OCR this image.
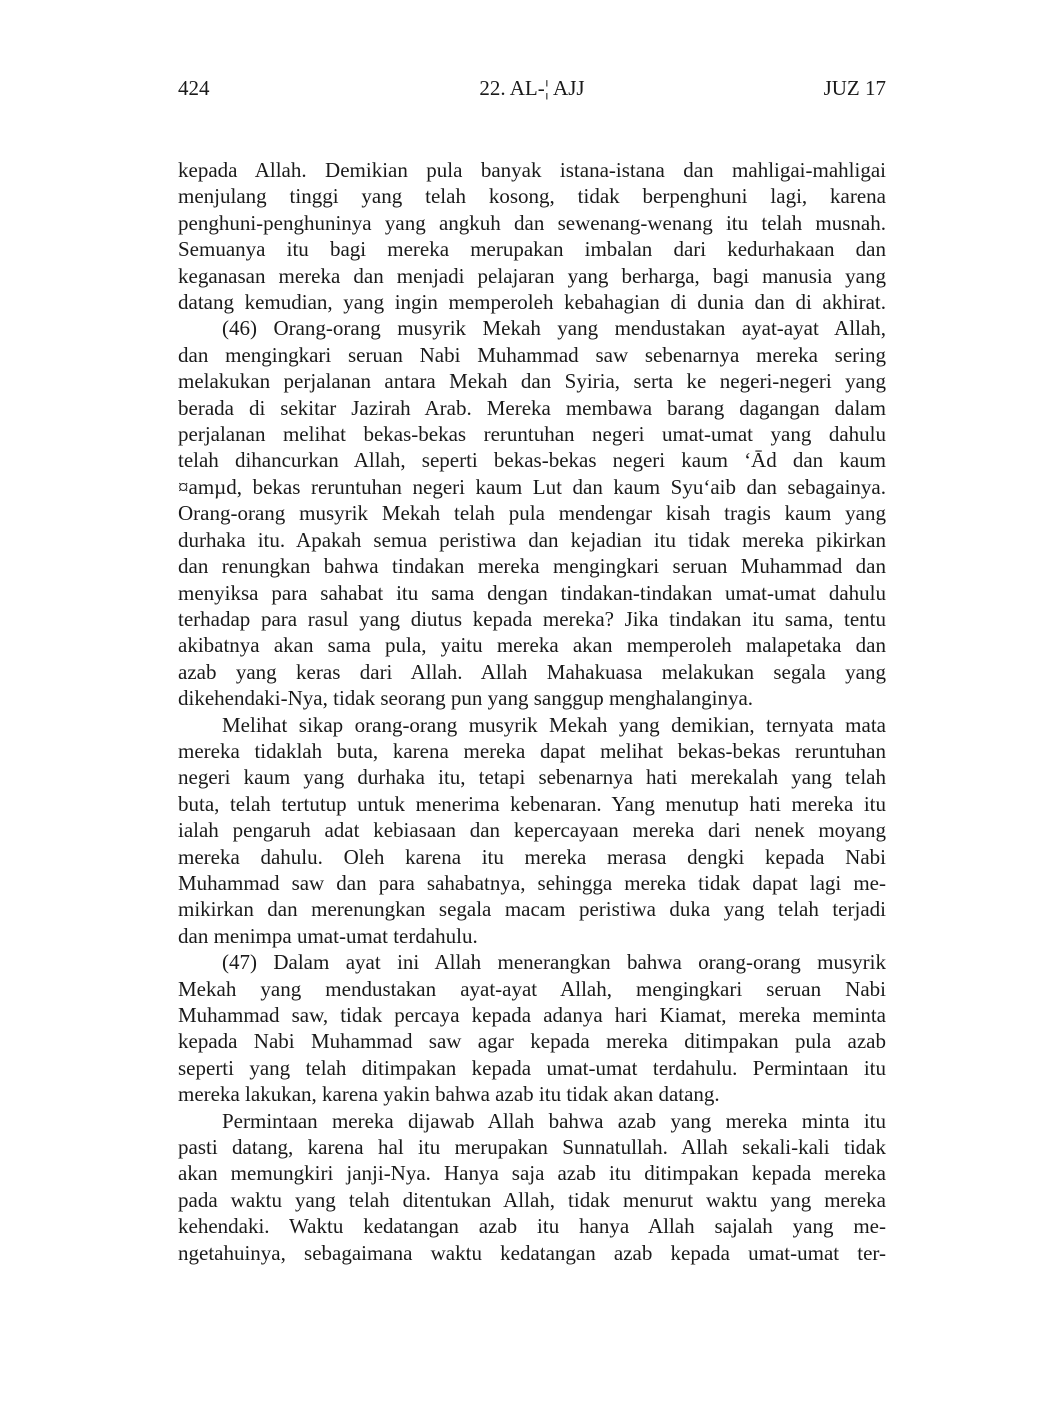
424	22. AL-¦ AJJ	JUZ 17

kepada Allah. Demikian pula banyak istana-istana dan mahligai-mahligai
menjulang tinggi yang telah kosong, tidak berpenghuni lagi, karena
penghuni-penghuninya yang angkuh dan sewenang-wenang itu telah musnah.
Semuanya itu bagi mereka merupakan imbalan dari kedurhakaan dan
keganasan mereka dan menjadi pelajaran yang berharga, bagi manusia yang
datang kemudian, yang ingin memperoleh kebahagian di dunia dan di akhirat.

(46) Orang-orang musyrik Mekah yang mendustakan ayat-ayat Allah,
dan mengingkari seruan Nabi Muhammad saw sebenarnya mereka sering
melakukan perjalanan antara Mekah dan Syiria, serta ke negeri-negeri yang
berada di sekitar Jazirah Arab. Mereka membawa barang dagangan dalam
perjalanan melihat bekas-bekas reruntuhan negeri umat-umat yang dahulu
telah dihancurkan Allah, seperti bekas-bekas negeri kaum ‘Ād dan kaum
¤amµd, bekas reruntuhan negeri kaum Lut dan kaum Syu‘aib dan sebagainya.
Orang-orang musyrik Mekah telah pula mendengar kisah tragis kaum yang
durhaka itu. Apakah semua peristiwa dan kejadian itu tidak mereka pikirkan
dan renungkan bahwa tindakan mereka mengingkari seruan Muhammad dan
menyiksa para sahabat itu sama dengan tindakan-tindakan umat-umat dahulu
terhadap para rasul yang diutus kepada mereka? Jika tindakan itu sama, tentu
akibatnya akan sama pula, yaitu mereka akan memperoleh malapetaka dan
azab yang keras dari Allah. Allah Mahakuasa melakukan segala yang
dikehendaki-Nya, tidak seorang pun yang sanggup menghalanginya.

Melihat sikap orang-orang musyrik Mekah yang demikian, ternyata mata
mereka tidaklah buta, karena mereka dapat melihat bekas-bekas reruntuhan
negeri kaum yang durhaka itu, tetapi sebenarnya hati merekalah yang telah
buta, telah tertutup untuk menerima kebenaran. Yang menutup hati mereka itu
ialah pengaruh adat kebiasaan dan kepercayaan mereka dari nenek moyang
mereka dahulu. Oleh karena itu mereka merasa dengki kepada Nabi
Muhammad saw dan para sahabatnya, sehingga mereka tidak dapat lagi me-
mikirkan dan merenungkan segala macam peristiwa duka yang telah terjadi
dan menimpa umat-umat terdahulu.

(47) Dalam ayat ini Allah menerangkan bahwa orang-orang musyrik
Mekah yang mendustakan ayat-ayat Allah, mengingkari seruan Nabi
Muhammad saw, tidak percaya kepada adanya hari Kiamat, mereka meminta
kepada Nabi Muhammad saw agar kepada mereka ditimpakan pula azab
seperti yang telah ditimpakan kepada umat-umat terdahulu. Permintaan itu
mereka lakukan, karena yakin bahwa azab itu tidak akan datang.

Permintaan mereka dijawab Allah bahwa azab yang mereka minta itu
pasti datang, karena hal itu merupakan Sunnatullah. Allah sekali-kali tidak
akan memungkiri janji-Nya. Hanya saja azab itu ditimpakan kepada mereka
pada waktu yang telah ditentukan Allah, tidak menurut waktu yang mereka
kehendaki. Waktu kedatangan azab itu hanya Allah sajalah yang me-
ngetahuinya, sebagaimana waktu kedatangan azab kepada umat-umat ter-
